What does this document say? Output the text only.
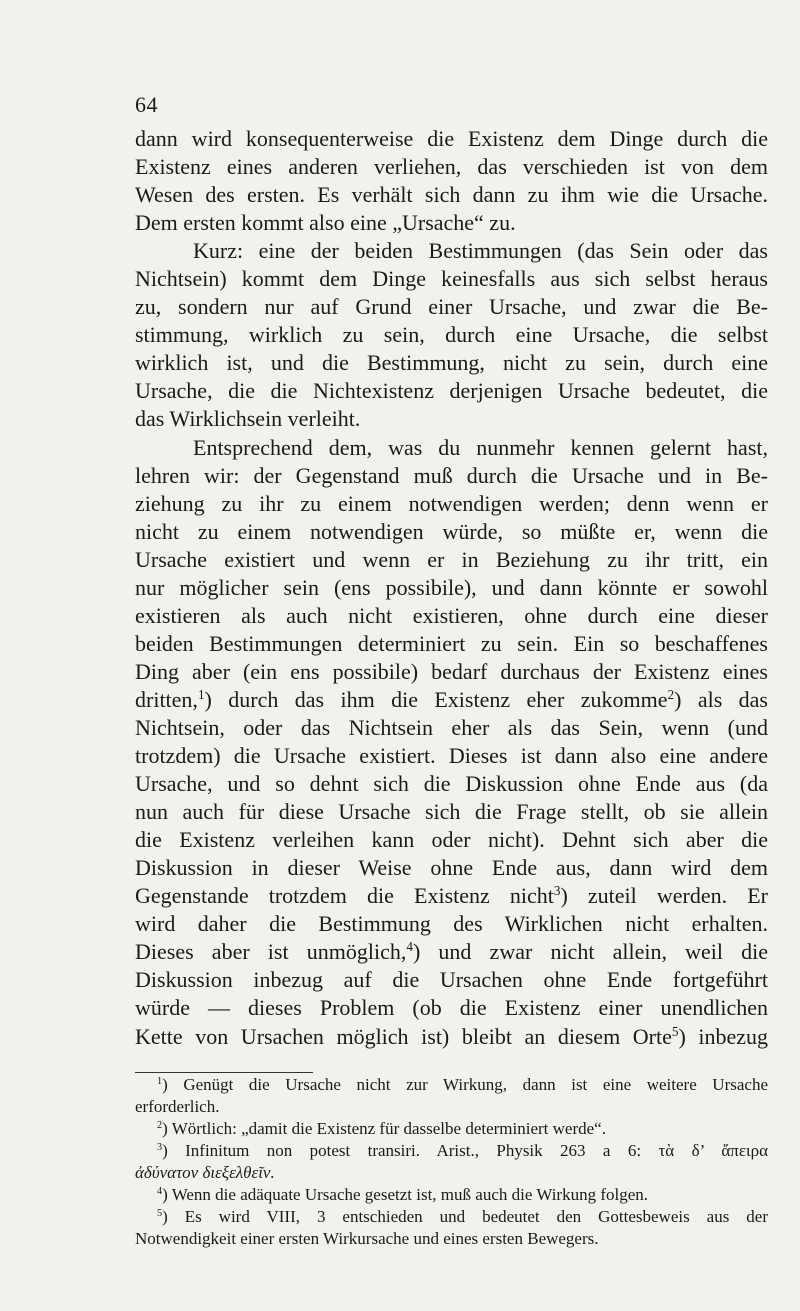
64
dann wird konsequenterweise die Existenz dem Dinge durch die
Existenz eines anderen verliehen, das verschieden ist von dem
Wesen des ersten. Es verhält sich dann zu ihm wie die Ursache.
Dem ersten kommt also eine „Ursache“ zu.
Kurz: eine der beiden Bestimmungen (das Sein oder das
Nichtsein) kommt dem Dinge keinesfalls aus sich selbst heraus
zu, sondern nur auf Grund einer Ursache, und zwar die Be-
stimmung, wirklich zu sein, durch eine Ursache, die selbst
wirklich ist, und die Bestimmung, nicht zu sein, durch eine
Ursache, die die Nichtexistenz derjenigen Ursache bedeutet, die
das Wirklichsein verleiht.
Entsprechend dem, was du nunmehr kennen gelernt hast,
lehren wir: der Gegenstand muß durch die Ursache und in Be-
ziehung zu ihr zu einem notwendigen werden; denn wenn er
nicht zu einem notwendigen würde, so müßte er, wenn die
Ursache existiert und wenn er in Beziehung zu ihr tritt, ein
nur möglicher sein (ens possibile), und dann könnte er sowohl
existieren als auch nicht existieren, ohne durch eine dieser
beiden Bestimmungen determiniert zu sein. Ein so beschaffenes
Ding aber (ein ens possibile) bedarf durchaus der Existenz eines
dritten,$^1$) durch das ihm die Existenz eher zukomme$^2$) als das
Nichtsein, oder das Nichtsein eher als das Sein, wenn (und
trotzdem) die Ursache existiert. Dieses ist dann also eine andere
Ursache, und so dehnt sich die Diskussion ohne Ende aus (da
nun auch für diese Ursache sich die Frage stellt, ob sie allein
die Existenz verleihen kann oder nicht). Dehnt sich aber die
Diskussion in dieser Weise ohne Ende aus, dann wird dem
Gegenstande trotzdem die Existenz nicht$^3$) zuteil werden. Er
wird daher die Bestimmung des Wirklichen nicht erhalten.
Dieses aber ist unmöglich,$^4$) und zwar nicht allein, weil die
Diskussion inbezug auf die Ursachen ohne Ende fortgeführt
würde — dieses Problem (ob die Existenz einer unendlichen
Kette von Ursachen möglich ist) bleibt an diesem Orte$^5$) inbezug
$^1$) Genügt die Ursache nicht zur Wirkung, dann ist eine weitere Ursache
erforderlich.
$^2$) Wörtlich: „damit die Existenz für dasselbe determiniert werde“.
$^3$) Infinitum non potest transiri. Arist., Physik 263 a 6: τὰ δ’ ἄπειρα
ἀδύνατον διεξελθεῖν.
$^4$) Wenn die adäquate Ursache gesetzt ist, muß auch die Wirkung folgen.
$^5$) Es wird VIII, 3 entschieden und bedeutet den Gottesbeweis aus der
Notwendigkeit einer ersten Wirkursache und eines ersten Bewegers.
